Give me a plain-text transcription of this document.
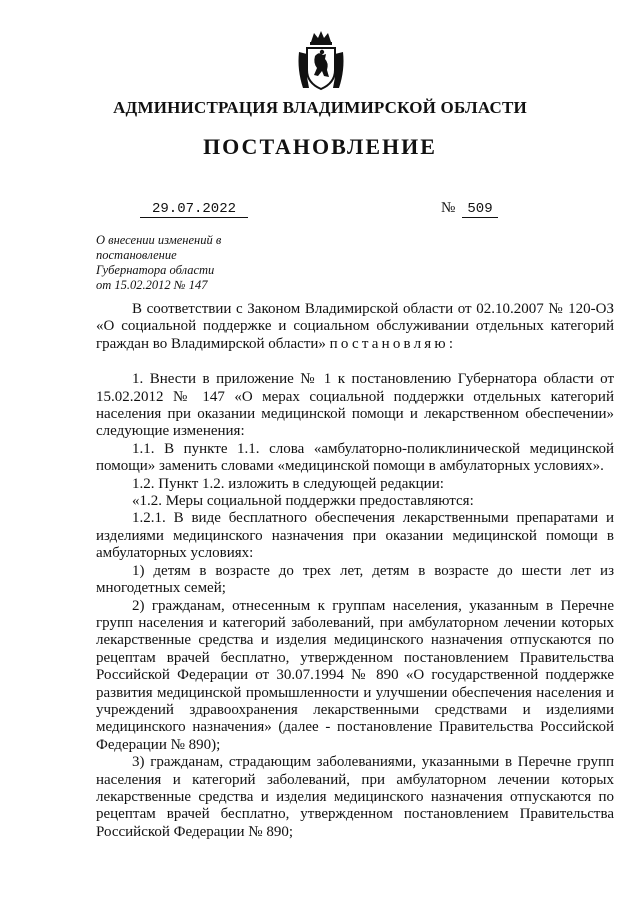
АДМИНИСТРАЦИЯ ВЛАДИМИРСКОЙ ОБЛАСТИ
ПОСТАНОВЛЕНИЕ
29.07.2022	№ 509
О внесении изменений в
постановление
Губернатора области
от 15.02.2012 № 147

В соответствии с Законом Владимирской области от 02.10.2007 № 120-ОЗ «О социальной поддержке и социальном обслуживании отдельных категорий граждан во Владимирской области» постановляю:

1. Внести в приложение № 1 к постановлению Губернатора области от 15.02.2012 № 147 «О мерах социальной поддержки отдельных категорий населения при оказании медицинской помощи и лекарственном обеспечении» следующие изменения:

1.1. В пункте 1.1. слова «амбулаторно-поликлинической медицинской помощи» заменить словами «медицинской помощи в амбулаторных условиях».

1.2. Пункт 1.2. изложить в следующей редакции:

«1.2. Меры социальной поддержки предоставляются:

1.2.1. В виде бесплатного обеспечения лекарственными препаратами и изделиями медицинского назначения при оказании медицинской помощи в амбулаторных условиях:

1) детям в возрасте до трех лет, детям в возрасте до шести лет из многодетных семей;

2) гражданам, отнесенным к группам населения, указанным в Перечне групп населения и категорий заболеваний, при амбулаторном лечении которых лекарственные средства и изделия медицинского назначения отпускаются по рецептам врачей бесплатно, утвержденном постановлением Правительства Российской Федерации от 30.07.1994 № 890 «О государственной поддержке развития медицинской промышленности и улучшении обеспечения населения и учреждений здравоохранения лекарственными средствами и изделиями медицинского назначения» (далее - постановление Правительства Российской Федерации № 890);

3) гражданам, страдающим заболеваниями, указанными в Перечне групп населения и категорий заболеваний, при амбулаторном лечении которых лекарственные средства и изделия медицинского назначения отпускаются по рецептам врачей бесплатно, утвержденном постановлением Правительства Российской Федерации № 890;
